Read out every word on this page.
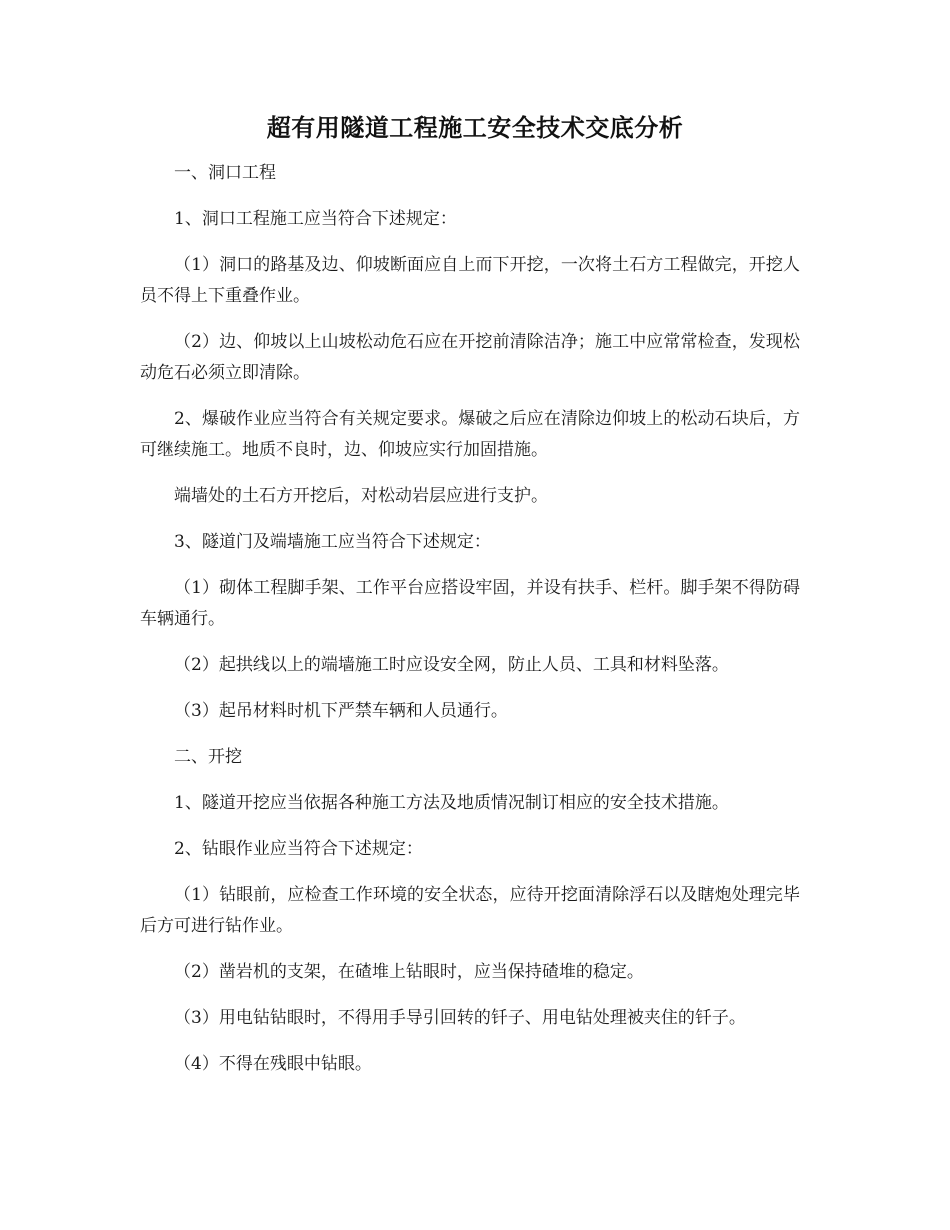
超有用隧道工程施工安全技术交底分析

一、洞口工程

1、洞口工程施工应当符合下述规定：

（1）洞口的路基及边、仰坡断面应自上而下开挖，一次将土石方工程做完，开挖人员不得上下重叠作业。

（2）边、仰坡以上山坡松动危石应在开挖前清除洁净；施工中应常常检查，发现松动危石必须立即清除。

2、爆破作业应当符合有关规定要求。爆破之后应在清除边仰坡上的松动石块后，方可继续施工。地质不良时，边、仰坡应实行加固措施。

端墙处的土石方开挖后，对松动岩层应进行支护。

3、隧道门及端墙施工应当符合下述规定：

（1）砌体工程脚手架、工作平台应搭设牢固，并设有扶手、栏杆。脚手架不得防碍车辆通行。

（2）起拱线以上的端墙施工时应设安全网，防止人员、工具和材料坠落。

（3）起吊材料时机下严禁车辆和人员通行。

二、开挖

1、隧道开挖应当依据各种施工方法及地质情况制订相应的安全技术措施。

2、钻眼作业应当符合下述规定：

（1）钻眼前，应检查工作环境的安全状态，应待开挖面清除浮石以及瞎炮处理完毕后方可进行钻作业。

（2）凿岩机的支架，在碴堆上钻眼时，应当保持碴堆的稳定。

（3）用电钻钻眼时，不得用手导引回转的钎子、用电钻处理被夹住的钎子。

（4）不得在残眼中钻眼。
